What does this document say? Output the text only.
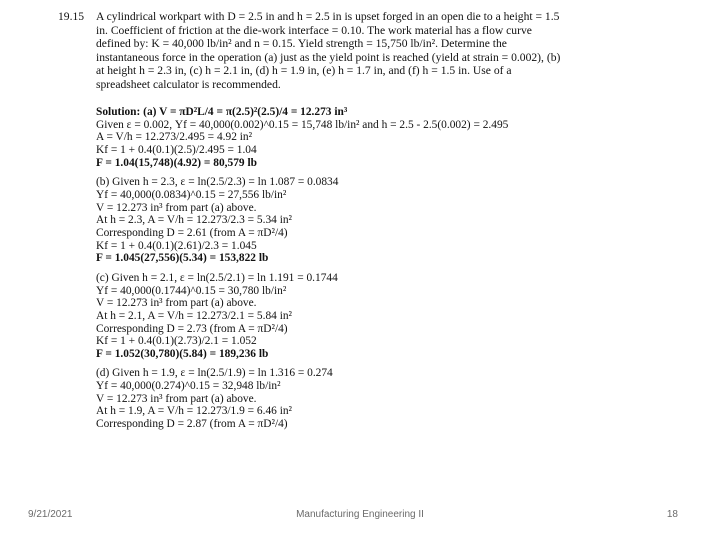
19.15 A cylindrical workpart with D = 2.5 in and h = 2.5 in is upset forged in an open die to a height = 1.5
in. Coefficient of friction at the die-work interface = 0.10. The work material has a flow curve
defined by: K = 40,000 lb/in² and n = 0.15. Yield strength = 15,750 lb/in². Determine the
instantaneous force in the operation (a) just as the yield point is reached (yield at strain = 0.002), (b)
at height h = 2.3 in, (c) h = 2.1 in, (d) h = 1.9 in, (e) h = 1.7 in, and (f) h = 1.5 in. Use of a
spreadsheet calculator is recommended.
Solution: (a) V = πD²L/4 = π(2.5)²(2.5)/4 = 12.273 in³
Given ε = 0.002, Yf = 40,000(0.002)^0.15 = 15,748 lb/in² and h = 2.5 - 2.5(0.002) = 2.495
A = V/h = 12.273/2.495 = 4.92 in²
Kf = 1 + 0.4(0.1)(2.5)/2.495 = 1.04
F = 1.04(15,748)(4.92) = 80,579 lb
(b) Given h = 2.3, ε = ln(2.5/2.3) = ln 1.087 = 0.0834
Yf = 40,000(0.0834)^0.15 = 27,556 lb/in²
V = 12.273 in³ from part (a) above.
At h = 2.3, A = V/h = 12.273/2.3 = 5.34 in²
Corresponding D = 2.61 (from A = πD²/4)
Kf = 1 + 0.4(0.1)(2.61)/2.3 = 1.045
F = 1.045(27,556)(5.34) = 153,822 lb
(c) Given h = 2.1, ε = ln(2.5/2.1) = ln 1.191 = 0.1744
Yf = 40,000(0.1744)^0.15 = 30,780 lb/in²
V = 12.273 in³ from part (a) above.
At h = 2.1, A = V/h = 12.273/2.1 = 5.84 in²
Corresponding D = 2.73 (from A = πD²/4)
Kf = 1 + 0.4(0.1)(2.73)/2.1 = 1.052
F = 1.052(30,780)(5.84) = 189,236 lb
(d) Given h = 1.9, ε = ln(2.5/1.9) = ln 1.316 = 0.274
Yf = 40,000(0.274)^0.15 = 32,948 lb/in²
V = 12.273 in³ from part (a) above.
At h = 1.9, A = V/h = 12.273/1.9 = 6.46 in²
Corresponding D = 2.87 (from A = πD²/4)
9/21/2021	Manufacturing Engineering II	18
